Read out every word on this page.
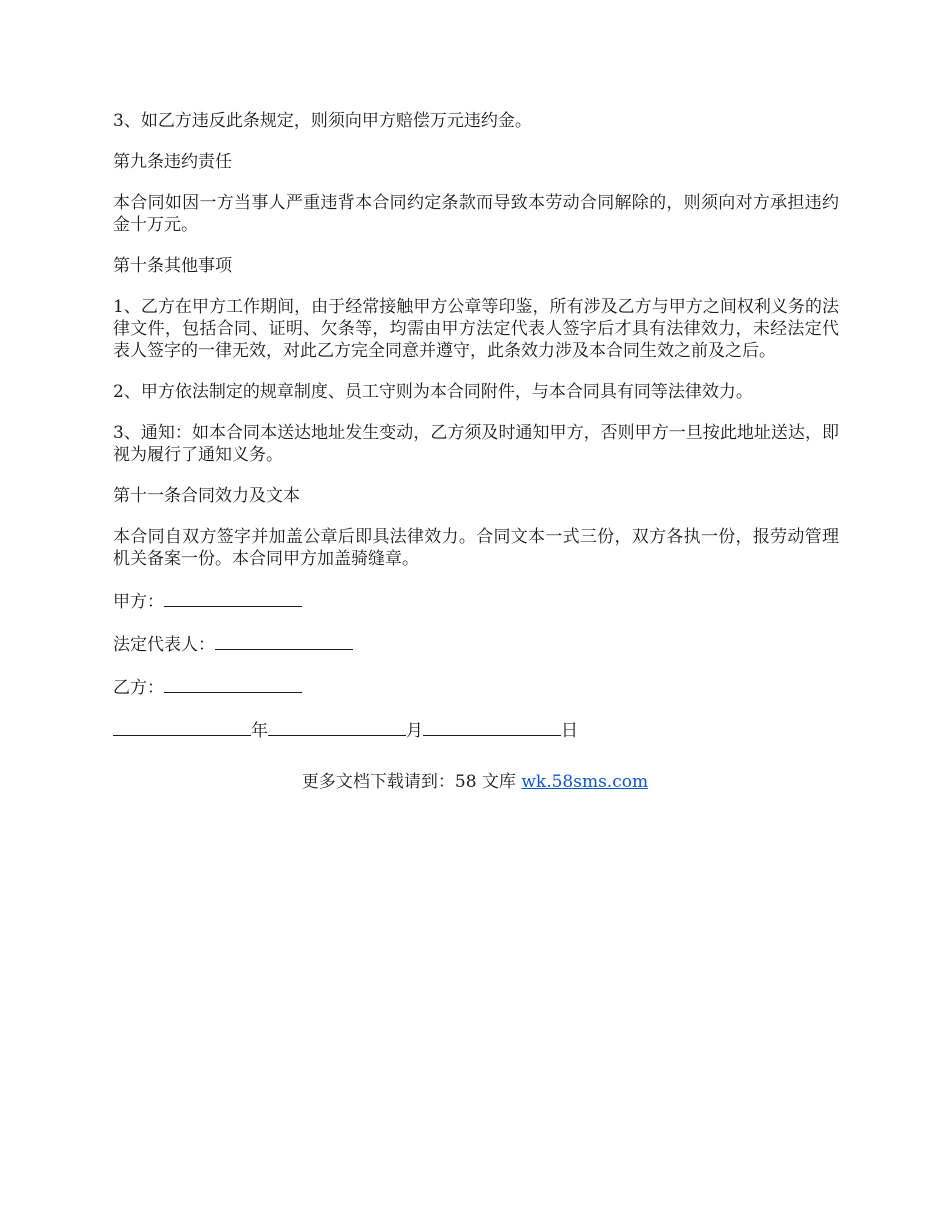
3、如乙方违反此条规定，则须向甲方赔偿万元违约金。

第九条违约责任

本合同如因一方当事人严重违背本合同约定条款而导致本劳动合同解除的，则须向对方承担违约金十万元。

第十条其他事项

1、乙方在甲方工作期间，由于经常接触甲方公章等印鉴，所有涉及乙方与甲方之间权利义务的法律文件，包括合同、证明、欠条等，均需由甲方法定代表人签字后才具有法律效力，未经法定代表人签字的一律无效，对此乙方完全同意并遵守，此条效力涉及本合同生效之前及之后。

2、甲方依法制定的规章制度、员工守则为本合同附件，与本合同具有同等法律效力。

3、通知：如本合同本送达地址发生变动，乙方须及时通知甲方，否则甲方一旦按此地址送达，即视为履行了通知义务。

第十一条合同效力及文本

本合同自双方签字并加盖公章后即具法律效力。合同文本一式三份，双方各执一份，报劳动管理机关备案一份。本合同甲方加盖骑缝章。

甲方：
法定代表人：
乙方：
年	月	日
更多文档下载请到：58 文库 wk.58sms.com
